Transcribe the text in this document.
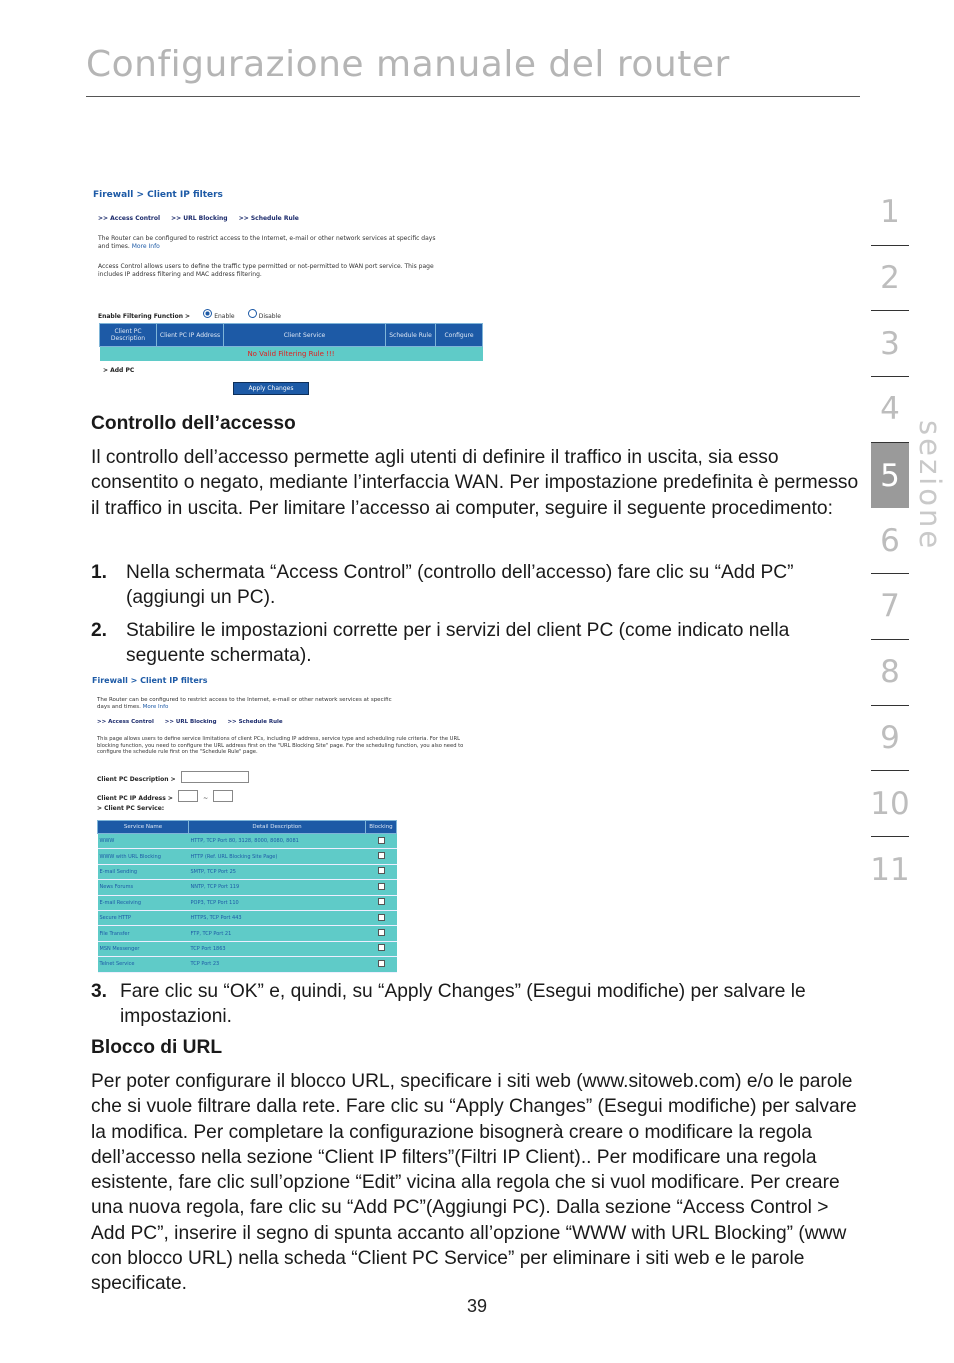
Configurazione manuale del router
1
2
3
4
5
6
7
8
9
10
11
sezione
Firewall > Client IP filters
>> Access Control >> URL Blocking >> Schedule Rule
The Router can be configured to restrict access to the Internet, e-mail or other network services at specific days and times. More Info
Access Control allows users to define the traffic type permitted or not-permitted to WAN port service. This page includes IP address filtering and MAC address filtering.
Enable Filtering Function >	Enable	Disable
Client PC Description	Client PC IP Address	Client Service	Schedule Rule	Configure
No Valid Filtering Rule !!!
> Add PC
Apply Changes
Controllo dell’accesso
Il controllo dell’accesso permette agli utenti di definire il traffico in uscita, sia esso consentito o negato, mediante l’interfaccia WAN. Per impostazione predefinita è permesso il traffico in uscita. Per limitare l’accesso ai computer, seguire il seguente procedimento:
1. Nella schermata “Access Control” (controllo dell’accesso) fare clic su “Add PC” (aggiungi un PC).
2. Stabilire le impostazioni corrette per i servizi del client PC (come indicato nella seguente schermata).
Firewall > Client IP filters
The Router can be configured to restrict access to the Internet, e-mail or other network services at specific days and times. More Info
>> Access Control >> URL Blocking >> Schedule Rule
This page allows users to define service limitations of client PCs, including IP address, service type and scheduling rule criteria. For the URL blocking function, you need to configure the URL address first on the "URL Blocking Site" page. For the scheduling function, you also need to configure the schedule rule first on the "Schedule Rule" page.
Client PC Description >
Client PC IP Address >	~
> Client PC Service:
Service Name	Detail Description	Blocking
WWW	HTTP, TCP Port 80, 3128, 8000, 8080, 8081	
WWW with URL Blocking	HTTP (Ref. URL Blocking Site Page)	
E-mail Sending	SMTP, TCP Port 25	
News Forums	NNTP, TCP Port 119	
E-mail Receiving	POP3, TCP Port 110	
Secure HTTP	HTTPS, TCP Port 443	
File Transfer	FTP, TCP Port 21	
MSN Messenger	TCP Port 1863	
Telnet Service	TCP Port 23	
3. Fare clic su “OK” e, quindi, su “Apply Changes” (Esegui modifiche) per salvare le impostazioni.
Blocco di URL
Per poter configurare il blocco URL, specificare i siti web (www.sitoweb.com) e/o le parole che si vuole filtrare dalla rete. Fare clic su “Apply Changes” (Esegui modifiche) per salvare la modifica. Per completare la configurazione bisognerà creare o modificare la regola dell’accesso nella sezione “Client IP filters”(Filtri IP Client).. Per modificare una regola esistente, fare clic sull’opzione “Edit” vicina alla regola che si vuol modificare. Per creare una nuova regola, fare clic su “Add PC”(Aggiungi PC). Dalla sezione “Access Control > Add PC”, inserire il segno di spunta accanto all’opzione “WWW with URL Blocking” (www con blocco URL) nella scheda “Client PC Service” per eliminare i siti web e le parole specificate.
39
